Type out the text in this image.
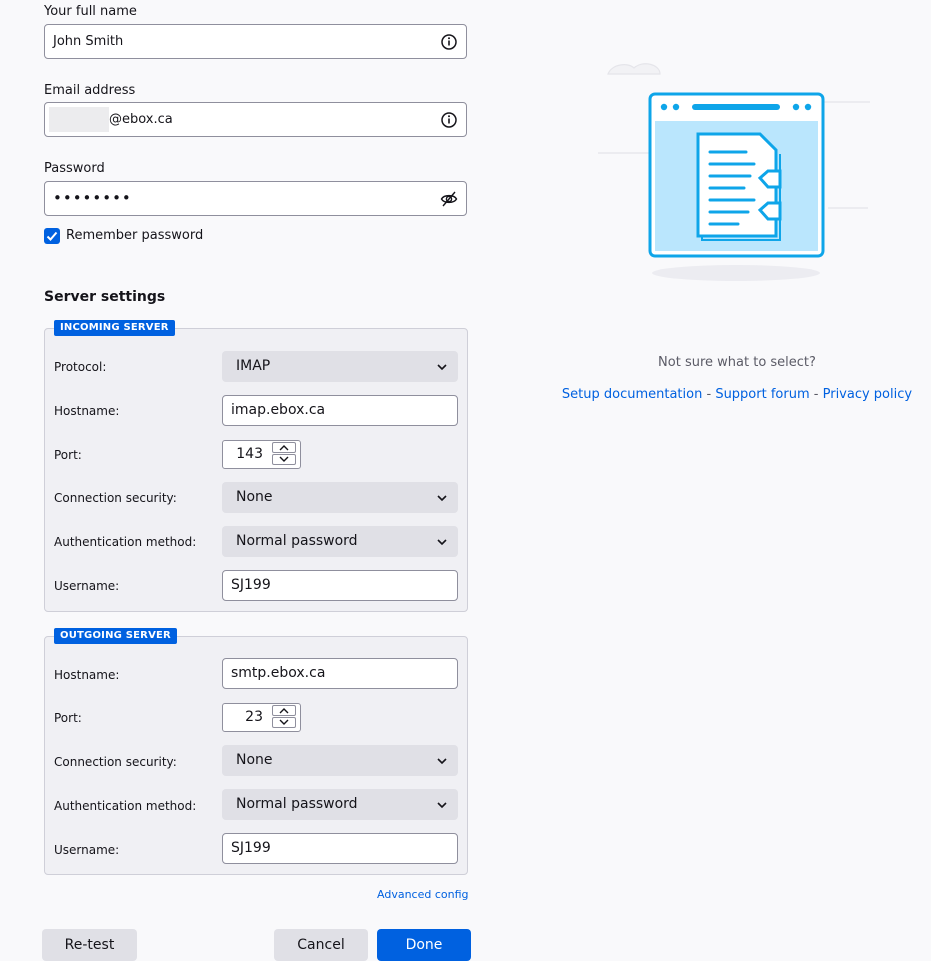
Your full name
John Smith
Email address
@ebox.ca
Password
••••••••
Remember password
Server settings
INCOMING SERVER
Protocol:	IMAP
Hostname:	imap.ebox.ca
Port:	143
Connection security:	None
Authentication method:	Normal password
Username:	SJ199
OUTGOING SERVER
Hostname:	smtp.ebox.ca
Port:	23
Connection security:	None
Authentication method:	Normal password
Username:	SJ199
Advanced config
Not sure what to select?
Setup documentation - Support forum - Privacy policy
Re-test	Cancel	Done
